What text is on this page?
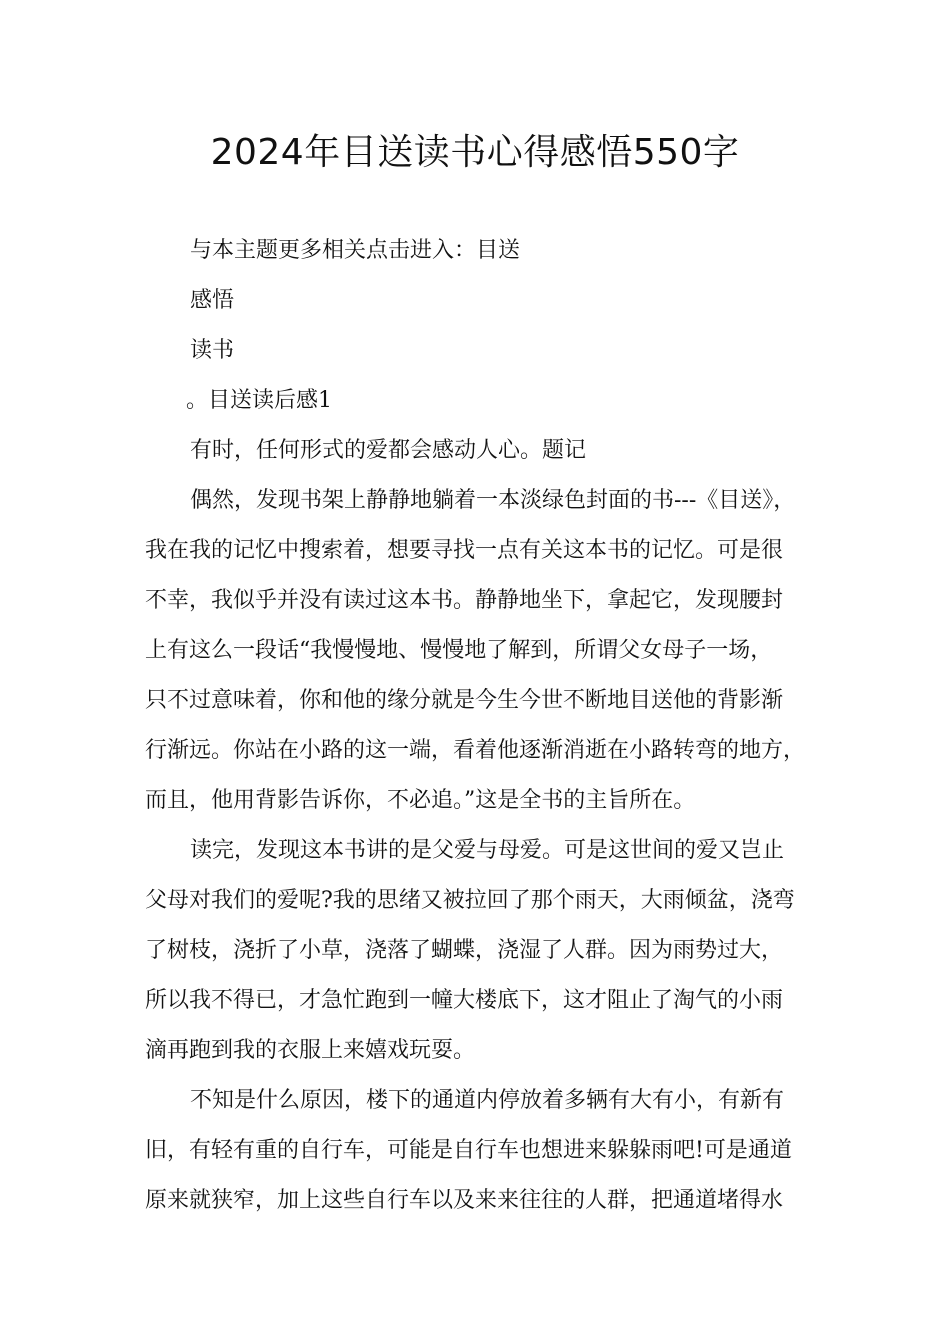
2024年目送读书心得感悟550字

与本主题更多相关点击进入：目送

感悟

读书

。目送读后感1

有时，任何形式的爱都会感动人心。题记

偶然，发现书架上静静地躺着一本淡绿色封面的书---《目送》，

我在我的记忆中搜索着，想要寻找一点有关这本书的记忆。可是很

不幸，我似乎并没有读过这本书。静静地坐下，拿起它，发现腰封

上有这么一段话“我慢慢地、慢慢地了解到，所谓父女母子一场，

只不过意味着，你和他的缘分就是今生今世不断地目送他的背影渐

行渐远。你站在小路的这一端，看着他逐渐消逝在小路转弯的地方，

而且，他用背影告诉你，不必追。”这是全书的主旨所在。

读完，发现这本书讲的是父爱与母爱。可是这世间的爱又岂止

父母对我们的爱呢?我的思绪又被拉回了那个雨天，大雨倾盆，浇弯

了树枝，浇折了小草，浇落了蝴蝶，浇湿了人群。因为雨势过大，

所以我不得已，才急忙跑到一幢大楼底下，这才阻止了淘气的小雨

滴再跑到我的衣服上来嬉戏玩耍。

不知是什么原因，楼下的通道内停放着多辆有大有小，有新有

旧，有轻有重的自行车，可能是自行车也想进来躲躲雨吧!可是通道

原来就狭窄，加上这些自行车以及来来往往的人群，把通道堵得水
